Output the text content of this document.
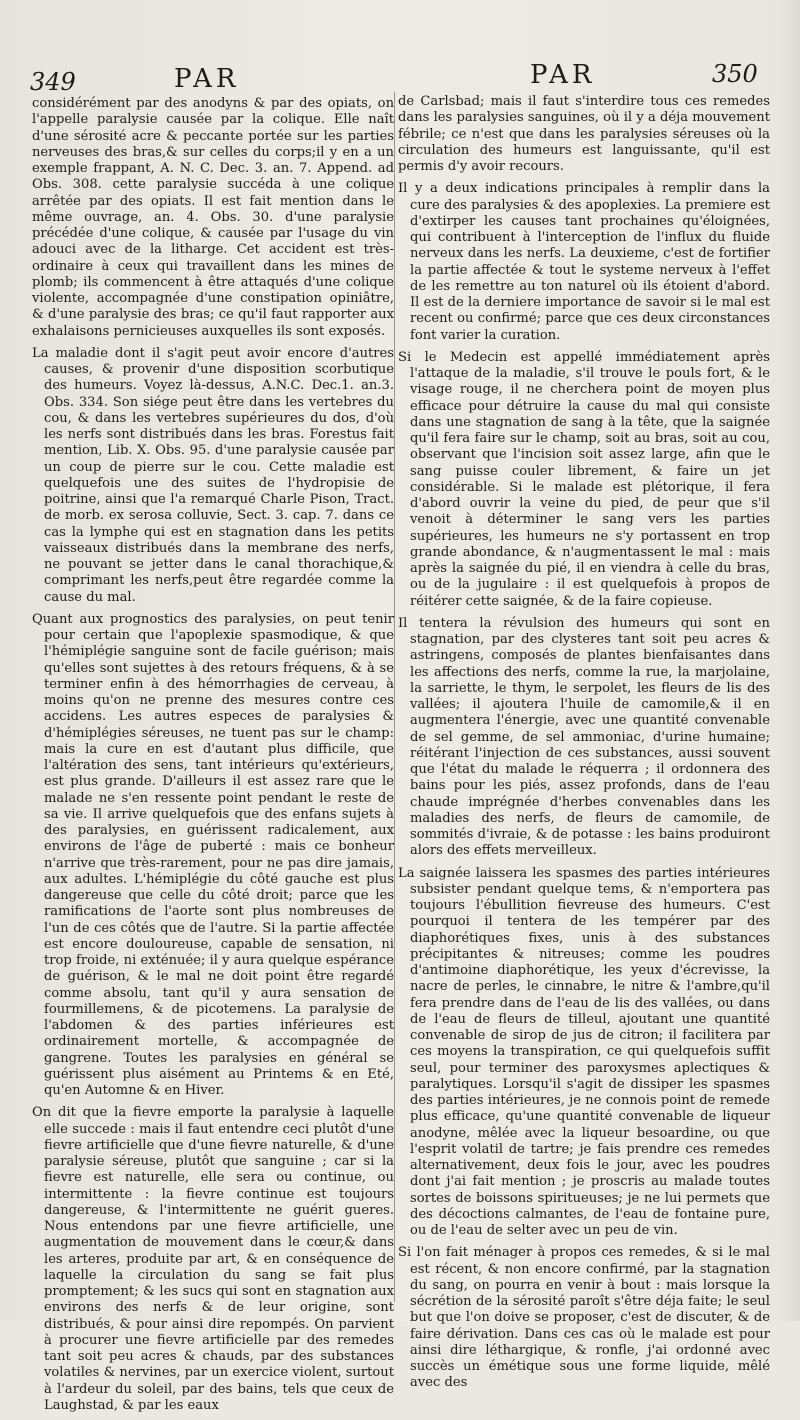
349	PAR	PAR	350

considérément par des anodyns & par des opiats, on l'appelle paralysie causée par la colique. Elle naît d'une sérosité acre & peccante portée sur les parties nerveuses des bras,& sur celles du corps;il y en a un exemple frappant, A. N. C. Dec. 3. an. 7. Append. ad Obs. 308. cette paralysie succéda à une colique arrêtée par des opiats. Il est fait mention dans le même ouvrage, an. 4. Obs. 30. d'une paralysie précédée d'une colique, & causée par l'usage du vin adouci avec de la litharge. Cet accident est très-ordinaire à ceux qui travaillent dans les mines de plomb; ils commencent à être attaqués d'une colique violente, accompagnée d'une constipation opiniâtre, & d'une paralysie des bras; ce qu'il faut rapporter aux exhalaisons pernicieuses auxquelles ils sont exposés.

La maladie dont il s'agit peut avoir encore d'autres causes, & provenir d'une disposition scorbutique des humeurs. Voyez là-dessus, A.N.C. Dec.1. an.3. Obs. 334. Son siége peut être dans les vertebres du cou, & dans les vertebres supérieures du dos, d'où les nerfs sont distribués dans les bras. Forestus fait mention, Lib. X. Obs. 95. d'une paralysie causée par un coup de pierre sur le cou. Cette maladie est quelquefois une des suites de l'hydropisie de poitrine, ainsi que l'a remarqué Charle Pison, Tract. de morb. ex serosa colluvie, Sect. 3. cap. 7. dans ce cas la lymphe qui est en stagnation dans les petits vaisseaux distribués dans la membrane des nerfs, ne pouvant se jetter dans le canal thorachique,& comprimant les nerfs,peut être regardée comme la cause du mal.

Quant aux prognostics des paralysies, on peut tenir pour certain que l'apoplexie spasmodique, & que l'hémiplégie sanguine sont de facile guérison; mais qu'elles sont sujettes à des retours fréquens, & à se terminer enfin à des hémorrhagies de cerveau, à moins qu'on ne prenne des mesures contre ces accidens. Les autres especes de paralysies & d'hémiplégies séreuses, ne tuent pas sur le champ: mais la cure en est d'autant plus difficile, que l'altération des sens, tant intérieurs qu'extérieurs, est plus grande. D'ailleurs il est assez rare que le malade ne s'en ressente point pendant le reste de sa vie. Il arrive quelquefois que des enfans sujets à des paralysies, en guérissent radicalement, aux environs de l'âge de puberté : mais ce bonheur n'arrive que très-rarement, pour ne pas dire jamais, aux adultes. L'hémiplégie du côté gauche est plus dangereuse que celle du côté droit; parce que les ramifications de l'aorte sont plus nombreuses de l'un de ces côtés que de l'autre. Si la partie affectée est encore douloureuse, capable de sensation, ni trop froide, ni exténuée; il y aura quelque espérance de guérison, & le mal ne doit point être regardé comme absolu, tant qu'il y aura sensation de fourmillemens, & de picotemens. La paralysie de l'abdomen & des parties inférieures est ordinairement mortelle, & accompagnée de gangrene. Toutes les paralysies en général se guérissent plus aisément au Printems & en Eté, qu'en Automne & en Hiver.

On dit que la fievre emporte la paralysie à laquelle elle succede : mais il faut entendre ceci plutôt d'une fievre artificielle que d'une fievre naturelle, & d'une paralysie séreuse, plutôt que sanguine ; car si la fievre est naturelle, elle sera ou continue, ou intermittente : la fievre continue est toujours dangereuse, & l'intermittente ne guérit gueres. Nous entendons par une fievre artificielle, une augmentation de mouvement dans le cœur,& dans les arteres, produite par art, & en conséquence de laquelle la circulation du sang se fait plus promptement; & les sucs qui sont en stagnation aux environs des nerfs & de leur origine, sont distribués, & pour ainsi dire repompés. On parvient à procurer une fievre artificielle par des remedes tant soit peu acres & chauds, par des substances volatiles & nervines, par un exercice violent, surtout à l'ardeur du soleil, par des bains, tels que ceux de Laughstad, & par les eaux

de Carlsbad; mais il faut s'interdire tous ces remedes dans les paralysies sanguines, où il y a déja mouvement fébrile; ce n'est que dans les paralysies séreuses où la circulation des humeurs est languissante, qu'il est permis d'y avoir recours.

Il y a deux indications principales à remplir dans la cure des paralysies & des apoplexies. La premiere est d'extirper les causes tant prochaines qu'éloignées, qui contribuent à l'interception de l'influx du fluide nerveux dans les nerfs. La deuxieme, c'est de fortifier la partie affectée & tout le systeme nerveux à l'effet de les remettre au ton naturel où ils étoient d'abord. Il est de la derniere importance de savoir si le mal est recent ou confirmé; parce que ces deux circonstances font varier la curation.

Si le Medecin est appellé immédiatement après l'attaque de la maladie, s'il trouve le pouls fort, & le visage rouge, il ne cherchera point de moyen plus efficace pour détruire la cause du mal qui consiste dans une stagnation de sang à la tête, que la saignée qu'il fera faire sur le champ, soit au bras, soit au cou, observant que l'incision soit assez large, afin que le sang puisse couler librement, & faire un jet considérable. Si le malade est plétorique, il fera d'abord ouvrir la veine du pied, de peur que s'il venoit à déterminer le sang vers les parties supérieures, les humeurs ne s'y portassent en trop grande abondance, & n'augmentassent le mal : mais après la saignée du pié, il en viendra à celle du bras, ou de la jugulaire : il est quelquefois à propos de réitérer cette saignée, & de la faire copieuse.

Il tentera la révulsion des humeurs qui sont en stagnation, par des clysteres tant soit peu acres & astringens, composés de plantes bienfaisantes dans les affections des nerfs, comme la rue, la marjolaine, la sarriette, le thym, le serpolet, les fleurs de lis des vallées; il ajoutera l'huile de camomile,& il en augmentera l'énergie, avec une quantité convenable de sel gemme, de sel ammoniac, d'urine humaine; réitérant l'injection de ces substances, aussi souvent que l'état du malade le réquerra ; il ordonnera des bains pour les piés, assez profonds, dans de l'eau chaude imprégnée d'herbes convenables dans les maladies des nerfs, de fleurs de camomile, de sommités d'ivraie, & de potasse : les bains produiront alors des effets merveilleux.

La saignée laissera les spasmes des parties intérieures subsister pendant quelque tems, & n'emportera pas toujours l'ébullition fievreuse des humeurs. C'est pourquoi il tentera de les tempérer par des diaphorétiques fixes, unis à des substances précipitantes & nitreuses; comme les poudres d'antimoine diaphorétique, les yeux d'écrevisse, la nacre de perles, le cinnabre, le nitre & l'ambre,qu'il fera prendre dans de l'eau de lis des vallées, ou dans de l'eau de fleurs de tilleul, ajoutant une quantité convenable de sirop de jus de citron; il facilitera par ces moyens la transpiration, ce qui quelquefois suffit seul, pour terminer des paroxysmes aplectiques & paralytiques. Lorsqu'il s'agit de dissiper les spasmes des parties intérieures, je ne connois point de remede plus efficace, qu'une quantité convenable de liqueur anodyne, mêlée avec la liqueur besoardine, ou que l'esprit volatil de tartre; je fais prendre ces remedes alternativement, deux fois le jour, avec les poudres dont j'ai fait mention ; je proscris au malade toutes sortes de boissons spiritueuses; je ne lui permets que des décoctions calmantes, de l'eau de fontaine pure, ou de l'eau de selter avec un peu de vin.

Si l'on fait ménager à propos ces remedes, & si le mal est récent, & non encore confirmé, par la stagnation du sang, on pourra en venir à bout : mais lorsque la sécrétion de la sérosité paroît s'être déja faite; le seul but que l'on doive se proposer, c'est de discuter, & de faire dérivation. Dans ces cas où le malade est pour ainsi dire léthargique, & ronfle, j'ai ordonné avec succès un émétique sous une forme liquide, mêlé avec des
